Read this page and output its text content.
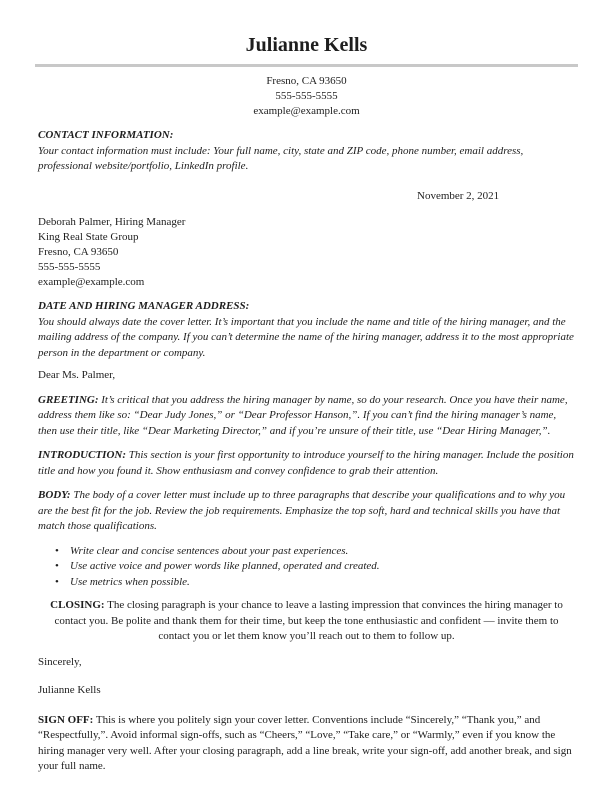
Julianne Kells
Fresno, CA 93650
555-555-5555
example@example.com
CONTACT INFORMATION:
Your contact information must include: Your full name, city, state and ZIP code, phone number, email address, professional website/portfolio, LinkedIn profile.
November 2, 2021
Deborah Palmer, Hiring Manager
King Real State Group
Fresno, CA 93650
555-555-5555
example@example.com
DATE AND HIRING MANAGER ADDRESS:
You should always date the cover letter. It’s important that you include the name and title of the hiring manager, and the mailing address of the company. If you can’t determine the name of the hiring manager, address it to the most appropriate person in the department or company.
Dear Ms. Palmer,
GREETING: It’s critical that you address the hiring manager by name, so do your research. Once you have their name, address them like so: “Dear Judy Jones,” or “Dear Professor Hanson,”. If you can’t find the hiring manager’s name, then use their title, like “Dear Marketing Director,” and if you’re unsure of their title, use “Dear Hiring Manager,”.
INTRODUCTION: This section is your first opportunity to introduce yourself to the hiring manager. Include the position title and how you found it. Show enthusiasm and convey confidence to grab their attention.
BODY: The body of a cover letter must include up to three paragraphs that describe your qualifications and to why you are the best fit for the job. Review the job requirements. Emphasize the top soft, hard and technical skills you have that match those qualifications.
• Write clear and concise sentences about your past experiences.
• Use active voice and power words like planned, operated and created.
• Use metrics when possible.
CLOSING: The closing paragraph is your chance to leave a lasting impression that convinces the hiring manager to contact you. Be polite and thank them for their time, but keep the tone enthusiastic and confident — invite them to contact you or let them know you’ll reach out to them to follow up.
Sincerely,
Julianne Kells
SIGN OFF: This is where you politely sign your cover letter. Conventions include “Sincerely,” “Thank you,” and “Respectfully,”. Avoid informal sign-offs, such as “Cheers,” “Love,” “Take care,” or “Warmly,” even if you know the hiring manager very well. After your closing paragraph, add a line break, write your sign-off, add another break, and sign your full name.
